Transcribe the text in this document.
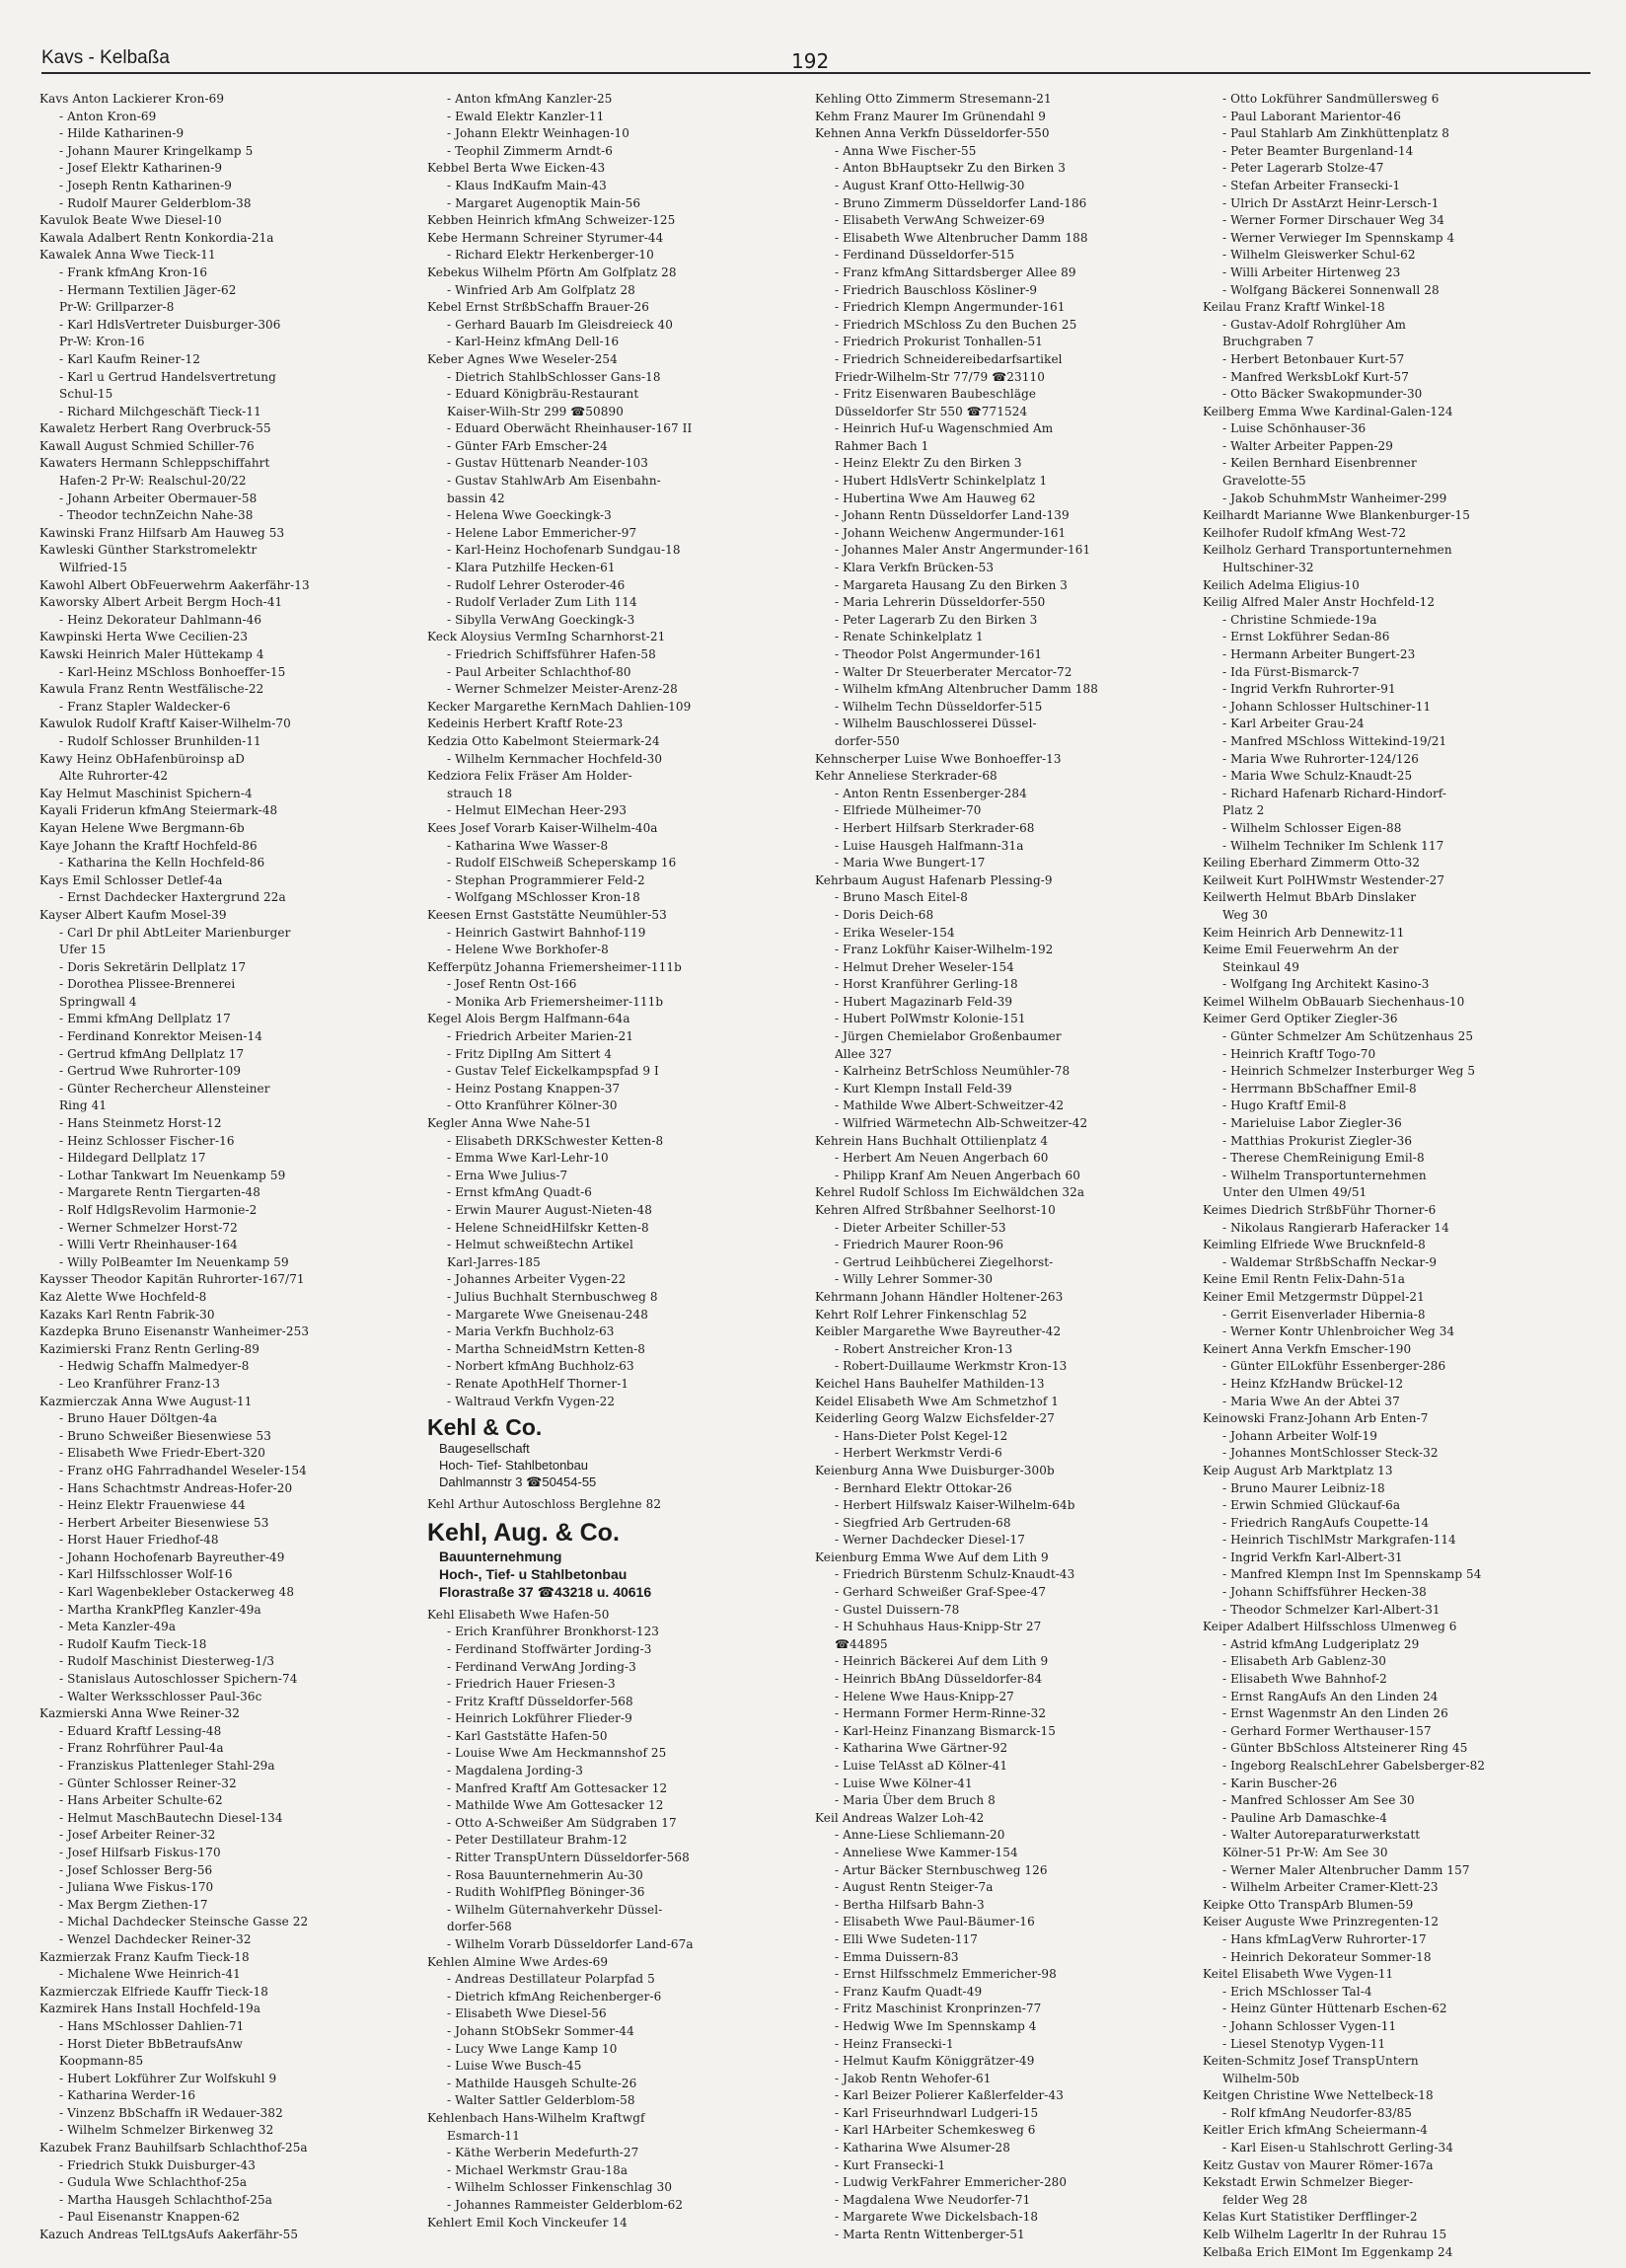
Kavs - Kelbaßa	192
Kavs Anton Lackierer Kron-69
- Anton Kron-69
- Hilde Katharinen-9
- Johann Maurer Kringelkamp 5
- Josef Elektr Katharinen-9
- Joseph Rentn Katharinen-9
- Rudolf Maurer Gelderblom-38
Kavulok Beate Wwe Diesel-10
Kawala Adalbert Rentn Konkordia-21a
Kawalek Anna Wwe Tieck-11
- Frank kfmAng Kron-16
- Hermann Textilien Jäger-62
Pr-W: Grillparzer-8
- Karl HdlsVertreter Duisburger-306
Pr-W: Kron-16
- Karl Kaufm Reiner-12
- Karl u Gertrud Handelsvertretung
Schul-15
- Richard Milchgeschäft Tieck-11
Kawaletz Herbert Rang Overbruck-55
Kawall August Schmied Schiller-76
Kawaters Hermann Schleppschiffahrt
Hafen-2 Pr-W: Realschul-20/22
- Johann Arbeiter Obermauer-58
- Theodor technZeichn Nahe-38
Kawinski Franz Hilfsarb Am Hauweg 53
Kawleski Günther Starkstromelektr
Wilfried-15
Kawohl Albert ObFeuerwehrm Aakerfähr-13
Kaworsky Albert Arbeit Bergm Hoch-41
- Heinz Dekorateur Dahlmann-46
Kawpinski Herta Wwe Cecilien-23
Kawski Heinrich Maler Hüttekamp 4
- Karl-Heinz MSchloss Bonhoeffer-15
Kawula Franz Rentn Westfälische-22
- Franz Stapler Waldecker-6
Kawulok Rudolf Kraftf Kaiser-Wilhelm-70
- Rudolf Schlosser Brunhilden-11
Kawy Heinz ObHafenbüroinsp aD
Alte Ruhrorter-42
Kay Helmut Maschinist Spichern-4
Kayali Friderun kfmAng Steiermark-48
Kayan Helene Wwe Bergmann-6b
Kaye Johann the Kraftf Hochfeld-86
- Katharina the Kelln Hochfeld-86
Kays Emil Schlosser Detlef-4a
- Ernst Dachdecker Haxtergrund 22a
Kayser Albert Kaufm Mosel-39
- Carl Dr phil AbtLeiter Marienburger
Ufer 15
- Doris Sekretärin Dellplatz 17
- Dorothea Plissee-Brennerei
Springwall 4
- Emmi kfmAng Dellplatz 17
- Ferdinand Konrektor Meisen-14
- Gertrud kfmAng Dellplatz 17
- Gertrud Wwe Ruhrorter-109
- Günter Rechercheur Allensteiner
Ring 41
- Hans Steinmetz Horst-12
- Heinz Schlosser Fischer-16
- Hildegard Dellplatz 17
- Lothar Tankwart Im Neuenkamp 59
- Margarete Rentn Tiergarten-48
- Rolf HdlgsRevolim Harmonie-2
- Werner Schmelzer Horst-72
- Willi Vertr Rheinhauser-164
- Willy PolBeamter Im Neuenkamp 59
Kaysser Theodor Kapitän Ruhrorter-167/71
Kaz Alette Wwe Hochfeld-8
Kazaks Karl Rentn Fabrik-30
Kazdepka Bruno Eisenanstr Wanheimer-253
Kazimierski Franz Rentn Gerling-89
- Hedwig Schaffn Malmedyer-8
- Leo Kranführer Franz-13
Kazmierczak Anna Wwe August-11
- Bruno Hauer Döltgen-4a
- Bruno Schweißer Biesenwiese 53
- Elisabeth Wwe Friedr-Ebert-320
- Franz oHG Fahrradhandel Weseler-154
- Hans Schachtmstr Andreas-Hofer-20
- Heinz Elektr Frauenwiese 44
- Herbert Arbeiter Biesenwiese 53
- Horst Hauer Friedhof-48
- Johann Hochofenarb Bayreuther-49
- Karl Hilfsschlosser Wolf-16
- Karl Wagenbekleber Ostackerweg 48
- Martha KrankPfleg Kanzler-49a
- Meta Kanzler-49a
- Rudolf Kaufm Tieck-18
- Rudolf Maschinist Diesterweg-1/3
- Stanislaus Autoschlosser Spichern-74
- Walter Werksschlosser Paul-36c
Kazmierski Anna Wwe Reiner-32
- Eduard Kraftf Lessing-48
- Franz Rohrführer Paul-4a
- Franziskus Plattenleger Stahl-29a
- Günter Schlosser Reiner-32
- Hans Arbeiter Schulte-62
- Helmut MaschBautechn Diesel-134
- Josef Arbeiter Reiner-32
- Josef Hilfsarb Fiskus-170
- Josef Schlosser Berg-56
- Juliana Wwe Fiskus-170
- Max Bergm Ziethen-17
- Michal Dachdecker Steinsche Gasse 22
- Wenzel Dachdecker Reiner-32
Kazmierzak Franz Kaufm Tieck-18
- Michalene Wwe Heinrich-41
Kazmierczak Elfriede Kauffr Tieck-18
Kazmirek Hans Install Hochfeld-19a
- Hans MSchlosser Dahlien-71
- Horst Dieter BbBetraufsAnw
Koopmann-85
- Hubert Lokführer Zur Wolfskuhl 9
- Katharina Werder-16
- Vinzenz BbSchaffn iR Wedauer-382
- Wilhelm Schmelzer Birkenweg 32
Kazubek Franz Bauhilfsarb Schlachthof-25a
- Friedrich Stukk Duisburger-43
- Gudula Wwe Schlachthof-25a
- Martha Hausgeh Schlachthof-25a
- Paul Eisenanstr Knappen-62
Kazuch Andreas TelLtgsAufs Aakerfähr-55
- Anton kfmAng Kanzler-25
- Ewald Elektr Kanzler-11
- Johann Elektr Weinhagen-10
- Teophil Zimmerm Arndt-6
Kebbel Berta Wwe Eicken-43
- Klaus IndKaufm Main-43
- Margaret Augenoptik Main-56
Kebben Heinrich kfmAng Schweizer-125
Kebe Hermann Schreiner Styrumer-44
- Richard Elektr Herkenberger-10
Kebekus Wilhelm Pförtn Am Golfplatz 28
- Winfried Arb Am Golfplatz 28
Kebel Ernst StrßbSchaffn Brauer-26
- Gerhard Bauarb Im Gleisdreieck 40
- Karl-Heinz kfmAng Dell-16
Keber Agnes Wwe Weseler-254
- Dietrich StahlbSchlosser Gans-18
- Eduard Königbräu-Restaurant
Kaiser-Wilh-Str 299 ☎50890
- Eduard Oberwächt Rheinhauser-167 II
- Günter FArb Emscher-24
- Gustav Hüttenarb Neander-103
- Gustav StahlwArb Am Eisenbahn-
bassin 42
- Helena Wwe Goeckingk-3
- Helene Labor Emmericher-97
- Karl-Heinz Hochofenarb Sundgau-18
- Klara Putzhilfe Hecken-61
- Rudolf Lehrer Osteroder-46
- Rudolf Verlader Zum Lith 114
- Sibylla VerwAng Goeckingk-3
Keck Aloysius VermIng Scharnhorst-21
- Friedrich Schiffsführer Hafen-58
- Paul Arbeiter Schlachthof-80
- Werner Schmelzer Meister-Arenz-28
Kecker Margarethe KernMach Dahlien-109
Kedeinis Herbert Kraftf Rote-23
Kedzia Otto Kabelmont Steiermark-24
- Wilhelm Kernmacher Hochfeld-30
Kedziora Felix Fräser Am Holder-
strauch 18
- Helmut ElMechan Heer-293
Kees Josef Vorarb Kaiser-Wilhelm-40a
- Katharina Wwe Wasser-8
- Rudolf ElSchweiß Scheperskamp 16
- Stephan Programmierer Feld-2
- Wolfgang MSchlosser Kron-18
Keesen Ernst Gaststätte Neumühler-53
- Heinrich Gastwirt Bahnhof-119
- Helene Wwe Borkhofer-8
Kefferpütz Johanna Friemersheimer-111b
- Josef Rentn Ost-166
- Monika Arb Friemersheimer-111b
Kegel Alois Bergm Halfmann-64a
- Friedrich Arbeiter Marien-21
- Fritz DiplIng Am Sittert 4
- Gustav Telef Eickelkampspfad 9 I
- Heinz Postang Knappen-37
- Otto Kranführer Kölner-30
Kegler Anna Wwe Nahe-51
- Elisabeth DRKSchwester Ketten-8
- Emma Wwe Karl-Lehr-10
- Erna Wwe Julius-7
- Ernst kfmAng Quadt-6
- Erwin Maurer August-Nieten-48
- Helene SchneidHilfskr Ketten-8
- Helmut schweißtechn Artikel
Karl-Jarres-185
- Johannes Arbeiter Vygen-22
- Julius Buchhalt Sternbuschweg 8
- Margarete Wwe Gneisenau-248
- Maria Verkfn Buchholz-63
- Martha SchneidMstrn Ketten-8
- Norbert kfmAng Buchholz-63
- Renate ApothHelf Thorner-1
- Waltraud Verkfn Vygen-22
Kehl & Co.
Baugesellschaft
Hoch- Tief- Stahlbetonbau
Dahlmannstr 3 ☎50454-55
Kehl Arthur Autoschloss Berglehne 82
Kehl, Aug. & Co.
Bauunternehmung
Hoch-, Tief- u Stahlbetonbau
Florastraße 37 ☎43218 u. 40616
Kehl Elisabeth Wwe Hafen-50
- Erich Kranführer Bronkhorst-123
- Ferdinand Stoffwärter Jording-3
- Ferdinand VerwAng Jording-3
- Friedrich Hauer Friesen-3
- Fritz Kraftf Düsseldorfer-568
- Heinrich Lokführer Flieder-9
- Karl Gaststätte Hafen-50
- Louise Wwe Am Heckmannshof 25
- Magdalena Jording-3
- Manfred Kraftf Am Gottesacker 12
- Mathilde Wwe Am Gottesacker 12
- Otto A-Schweißer Am Südgraben 17
- Peter Destillateur Brahm-12
- Ritter TranspUntern Düsseldorfer-568
- Rosa Bauunternehmerin Au-30
- Rudith WohlfPfleg Böninger-36
- Wilhelm Güternahverkehr Düssel-
dorfer-568
- Wilhelm Vorarb Düsseldorfer Land-67a
Kehlen Almine Wwe Ardes-69
- Andreas Destillateur Polarpfad 5
- Dietrich kfmAng Reichenberger-6
- Elisabeth Wwe Diesel-56
- Johann StObSekr Sommer-44
- Lucy Wwe Lange Kamp 10
- Luise Wwe Busch-45
- Mathilde Hausgeh Schulte-26
- Walter Sattler Gelderblom-58
Kehlenbach Hans-Wilhelm Kraftwgf
Esmarch-11
- Käthe Werberin Medefurth-27
- Michael Werkmstr Grau-18a
- Wilhelm Schlosser Finkenschlag 30
- Johannes Rammeister Gelderblom-62
Kehlert Emil Koch Vinckeufer 14
Kehling Otto Zimmerm Stresemann-21
Kehm Franz Maurer Im Grünendahl 9
Kehnen Anna Verkfn Düsseldorfer-550
- Anna Wwe Fischer-55
- Anton BbHauptsekr Zu den Birken 3
- August Kranf Otto-Hellwig-30
- Bruno Zimmerm Düsseldorfer Land-186
- Elisabeth VerwAng Schweizer-69
- Elisabeth Wwe Altenbrucher Damm 188
- Ferdinand Düsseldorfer-515
- Franz kfmAng Sittardsberger Allee 89
- Friedrich Bauschloss Kösliner-9
- Friedrich Klempn Angermunder-161
- Friedrich MSchloss Zu den Buchen 25
- Friedrich Prokurist Tonhallen-51
- Friedrich Schneidereibedarfsartikel
Friedr-Wilhelm-Str 77/79 ☎23110
- Fritz Eisenwaren Baubeschläge
Düsseldorfer Str 550 ☎771524
- Heinrich Huf-u Wagenschmied Am
Rahmer Bach 1
- Heinz Elektr Zu den Birken 3
- Hubert HdlsVertr Schinkelplatz 1
- Hubertina Wwe Am Hauweg 62
- Johann Rentn Düsseldorfer Land-139
- Johann Weichenw Angermunder-161
- Johannes Maler Anstr Angermunder-161
- Klara Verkfn Brücken-53
- Margareta Hausang Zu den Birken 3
- Maria Lehrerin Düsseldorfer-550
- Peter Lagerarb Zu den Birken 3
- Renate Schinkelplatz 1
- Theodor Polst Angermunder-161
- Walter Dr Steuerberater Mercator-72
- Wilhelm kfmAng Altenbrucher Damm 188
- Wilhelm Techn Düsseldorfer-515
- Wilhelm Bauschlosserei Düssel-
dorfer-550
Kehnscherper Luise Wwe Bonhoeffer-13
Kehr Anneliese Sterkrader-68
- Anton Rentn Essenberger-284
- Elfriede Mülheimer-70
- Herbert Hilfsarb Sterkrader-68
- Luise Hausgeh Halfmann-31a
- Maria Wwe Bungert-17
Kehrbaum August Hafenarb Plessing-9
- Bruno Masch Eitel-8
- Doris Deich-68
- Erika Weseler-154
- Franz Lokführ Kaiser-Wilhelm-192
- Helmut Dreher Weseler-154
- Horst Kranführer Gerling-18
- Hubert Magazinarb Feld-39
- Hubert PolWmstr Kolonie-151
- Jürgen Chemielabor Großenbaumer
Allee 327
- Kalrheinz BetrSchloss Neumühler-78
- Kurt Klempn Install Feld-39
- Mathilde Wwe Albert-Schweitzer-42
- Wilfried Wärmetechn Alb-Schweitzer-42
Kehrein Hans Buchhalt Ottilienplatz 4
- Herbert Am Neuen Angerbach 60
- Philipp Kranf Am Neuen Angerbach 60
Kehrel Rudolf Schloss Im Eichwäldchen 32a
Kehren Alfred Strßbahner Seelhorst-10
- Dieter Arbeiter Schiller-53
- Friedrich Maurer Roon-96
- Gertrud Leihbücherei Ziegelhorst-
- Willy Lehrer Sommer-30
Kehrmann Johann Händler Holtener-263
Kehrt Rolf Lehrer Finkenschlag 52
Keibler Margarethe Wwe Bayreuther-42
- Robert Anstreicher Kron-13
- Robert-Duillaume Werkmstr Kron-13
Keichel Hans Bauhelfer Mathilden-13
Keidel Elisabeth Wwe Am Schmetzhof 1
Keiderling Georg Walzw Eichsfelder-27
- Hans-Dieter Polst Kegel-12
- Herbert Werkmstr Verdi-6
Keienburg Anna Wwe Duisburger-300b
- Bernhard Elektr Ottokar-26
- Herbert Hilfswalz Kaiser-Wilhelm-64b
- Siegfried Arb Gertruden-68
- Werner Dachdecker Diesel-17
Keienburg Emma Wwe Auf dem Lith 9
- Friedrich Bürstenm Schulz-Knaudt-43
- Gerhard Schweißer Graf-Spee-47
- Gustel Duissern-78
- H Schuhhaus Haus-Knipp-Str 27
☎44895
- Heinrich Bäckerei Auf dem Lith 9
- Heinrich BbAng Düsseldorfer-84
- Helene Wwe Haus-Knipp-27
- Hermann Former Herm-Rinne-32
- Karl-Heinz Finanzang Bismarck-15
- Katharina Wwe Gärtner-92
- Luise TelAsst aD Kölner-41
- Luise Wwe Kölner-41
- Maria Über dem Bruch 8
Keil Andreas Walzer Loh-42
- Anne-Liese Schliemann-20
- Anneliese Wwe Kammer-154
- Artur Bäcker Sternbuschweg 126
- August Rentn Steiger-7a
- Bertha Hilfsarb Bahn-3
- Elisabeth Wwe Paul-Bäumer-16
- Elli Wwe Sudeten-117
- Emma Duissern-83
- Ernst Hilfsschmelz Emmericher-98
- Franz Kaufm Quadt-49
- Fritz Maschinist Kronprinzen-77
- Hedwig Wwe Im Spennskamp 4
- Heinz Fransecki-1
- Helmut Kaufm Königgrätzer-49
- Jakob Rentn Wehofer-61
- Karl Beizer Polierer Kaßlerfelder-43
- Karl Friseurhndwarl Ludgeri-15
- Karl HArbeiter Schemkesweg 6
- Katharina Wwe Alsumer-28
- Kurt Fransecki-1
- Ludwig VerkFahrer Emmericher-280
- Magdalena Wwe Neudorfer-71
- Margarete Wwe Dickelsbach-18
- Marta Rentn Wittenberger-51
- Otto Lokführer Sandmüllersweg 6
- Paul Laborant Marientor-46
- Paul Stahlarb Am Zinkhüttenplatz 8
- Peter Beamter Burgenland-14
- Peter Lagerarb Stolze-47
- Stefan Arbeiter Fransecki-1
- Ulrich Dr AsstArzt Heinr-Lersch-1
- Werner Former Dirschauer Weg 34
- Werner Verwieger Im Spennskamp 4
- Wilhelm Gleiswerker Schul-62
- Willi Arbeiter Hirtenweg 23
- Wolfgang Bäckerei Sonnenwall 28
Keilau Franz Kraftf Winkel-18
- Gustav-Adolf Rohrglüher Am
Bruchgraben 7
- Herbert Betonbauer Kurt-57
- Manfred WerksbLokf Kurt-57
- Otto Bäcker Swakopmunder-30
Keilberg Emma Wwe Kardinal-Galen-124
- Luise Schönhauser-36
- Walter Arbeiter Pappen-29
- Keilen Bernhard Eisenbrenner
Gravelotte-55
- Jakob SchuhmMstr Wanheimer-299
Keilhardt Marianne Wwe Blankenburger-15
Keilhofer Rudolf kfmAng West-72
Keilholz Gerhard Transportunternehmen
Hultschiner-32
Keilich Adelma Eligius-10
Keilig Alfred Maler Anstr Hochfeld-12
- Christine Schmiede-19a
- Ernst Lokführer Sedan-86
- Hermann Arbeiter Bungert-23
- Ida Fürst-Bismarck-7
- Ingrid Verkfn Ruhrorter-91
- Johann Schlosser Hultschiner-11
- Karl Arbeiter Grau-24
- Manfred MSchloss Wittekind-19/21
- Maria Wwe Ruhrorter-124/126
- Maria Wwe Schulz-Knaudt-25
- Richard Hafenarb Richard-Hindorf-
Platz 2
- Wilhelm Schlosser Eigen-88
- Wilhelm Techniker Im Schlenk 117
Keiling Eberhard Zimmerm Otto-32
Keilweit Kurt PolHWmstr Westender-27
Keilwerth Helmut BbArb Dinslaker
Weg 30
Keim Heinrich Arb Dennewitz-11
Keime Emil Feuerwehrm An der
Steinkaul 49
- Wolfgang Ing Architekt Kasino-3
Keimel Wilhelm ObBauarb Siechenhaus-10
Keimer Gerd Optiker Ziegler-36
- Günter Schmelzer Am Schützenhaus 25
- Heinrich Kraftf Togo-70
- Heinrich Schmelzer Insterburger Weg 5
- Herrmann BbSchaffner Emil-8
- Hugo Kraftf Emil-8
- Marieluise Labor Ziegler-36
- Matthias Prokurist Ziegler-36
- Therese ChemReinigung Emil-8
- Wilhelm Transportunternehmen
Unter den Ulmen 49/51
Keimes Diedrich StrßbFühr Thorner-6
- Nikolaus Rangierarb Haferacker 14
Keimling Elfriede Wwe Brucknfeld-8
- Waldemar StrßbSchaffn Neckar-9
Keine Emil Rentn Felix-Dahn-51a
Keiner Emil Metzgermstr Düppel-21
- Gerrit Eisenverlader Hibernia-8
- Werner Kontr Uhlenbroicher Weg 34
Keinert Anna Verkfn Emscher-190
- Günter ElLokführ Essenberger-286
- Heinz KfzHandw Brückel-12
- Maria Wwe An der Abtei 37
Keinowski Franz-Johann Arb Enten-7
- Johann Arbeiter Wolf-19
- Johannes MontSchlosser Steck-32
Keip August Arb Marktplatz 13
- Bruno Maurer Leibniz-18
- Erwin Schmied Glückauf-6a
- Friedrich RangAufs Coupette-14
- Heinrich TischlMstr Markgrafen-114
- Ingrid Verkfn Karl-Albert-31
- Manfred Klempn Inst Im Spennskamp 54
- Johann Schiffsführer Hecken-38
- Theodor Schmelzer Karl-Albert-31
Keiper Adalbert Hilfsschloss Ulmenweg 6
- Astrid kfmAng Ludgeriplatz 29
- Elisabeth Arb Gablenz-30
- Elisabeth Wwe Bahnhof-2
- Ernst RangAufs An den Linden 24
- Ernst Wagenmstr An den Linden 26
- Gerhard Former Werthauser-157
- Günter BbSchloss Altsteinerer Ring 45
- Ingeborg RealschLehrer Gabelsberger-82
- Karin Buscher-26
- Manfred Schlosser Am See 30
- Pauline Arb Damaschke-4
- Walter Autoreparaturwerkstatt
Kölner-51 Pr-W: Am See 30
- Werner Maler Altenbrucher Damm 157
- Wilhelm Arbeiter Cramer-Klett-23
Keipke Otto TranspArb Blumen-59
Keiser Auguste Wwe Prinzregenten-12
- Hans kfmLagVerw Ruhrorter-17
- Heinrich Dekorateur Sommer-18
Keitel Elisabeth Wwe Vygen-11
- Erich MSchlosser Tal-4
- Heinz Günter Hüttenarb Eschen-62
- Johann Schlosser Vygen-11
- Liesel Stenotyp Vygen-11
Keiten-Schmitz Josef TranspUntern
Wilhelm-50b
Keitgen Christine Wwe Nettelbeck-18
- Rolf kfmAng Neudorfer-83/85
Keitler Erich kfmAng Scheiermann-4
- Karl Eisen-u Stahlschrott Gerling-34
Keitz Gustav von Maurer Römer-167a
Kekstadt Erwin Schmelzer Bieger-
felder Weg 28
Kelas Kurt Statistiker Derfflinger-2
Kelb Wilhelm Lagerltr In der Ruhrau 15
Kelbaßa Erich ElMont Im Eggenkamp 24
